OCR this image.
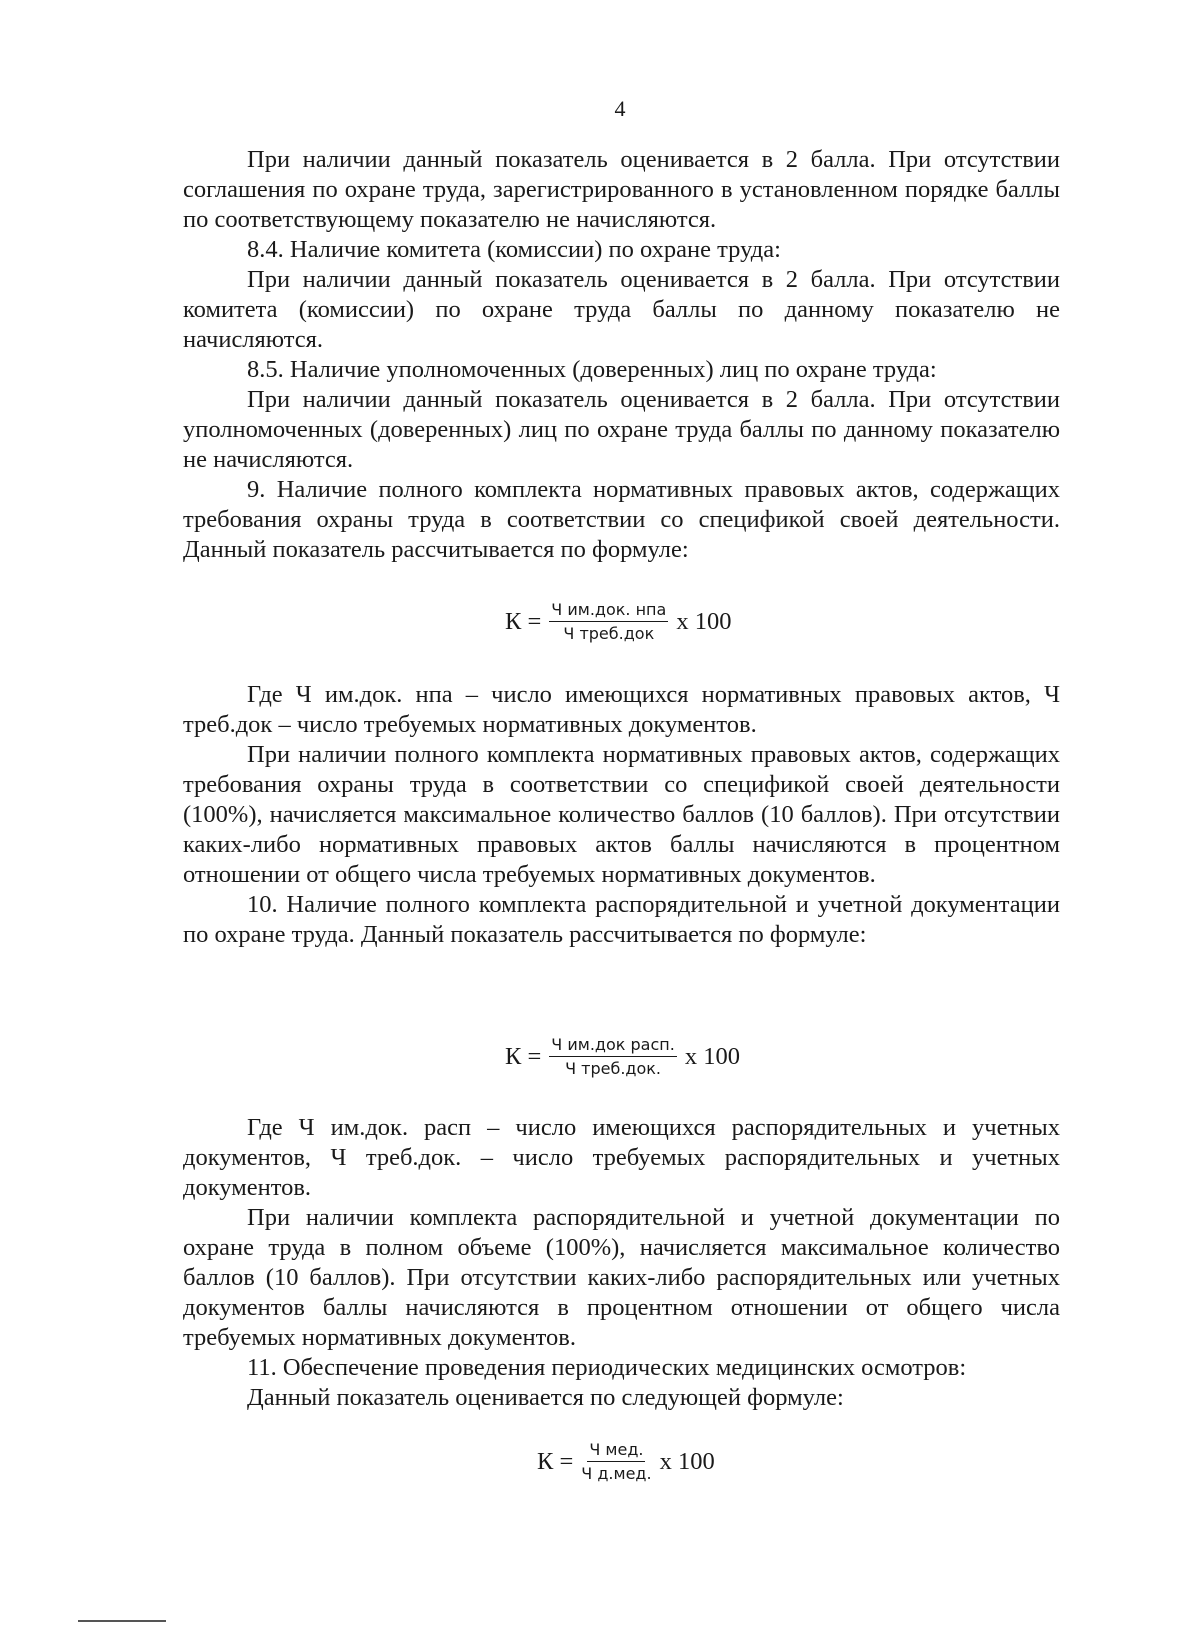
4

При наличии данный показатель оценивается в 2 балла. При отсутствии соглашения по охране труда, зарегистрированного в установленном порядке баллы по соответствующему показателю не начисляются.

8.4. Наличие комитета (комиссии) по охране труда:

При наличии данный показатель оценивается в 2 балла. При отсутствии комитета (комиссии) по охране труда баллы по данному показателю не начисляются.

8.5. Наличие уполномоченных (доверенных) лиц по охране труда:

При наличии данный показатель оценивается в 2 балла. При отсутствии уполномоченных (доверенных) лиц по охране труда баллы по данному показателю не начисляются.

9. Наличие полного комплекта нормативных правовых актов, содержащих требования охраны труда в соответствии со спецификой своей деятельности. Данный показатель рассчитывается по формуле:

$К = \frac{\text{Ч им.док. нпа}}{\text{Ч треб.док}}$ х 100

Где Ч им.док. нпа – число имеющихся нормативных правовых актов, Ч треб.док – число требуемых нормативных документов.

При наличии полного комплекта нормативных правовых актов, содержащих требования охраны труда в соответствии со спецификой своей деятельности (100%), начисляется максимальное количество баллов (10 баллов). При отсутствии каких-либо нормативных правовых актов баллы начисляются в процентном отношении от общего числа требуемых нормативных документов.

10. Наличие полного комплекта распорядительной и учетной документации по охране труда. Данный показатель рассчитывается по формуле:

$К = \frac{\text{Ч им.док расп.}}{\text{Ч треб.док.}}$ х 100

Где Ч им.док. расп – число имеющихся распорядительных и учетных документов, Ч треб.док. – число требуемых распорядительных и учетных документов.

При наличии комплекта распорядительной и учетной документации по охране труда в полном объеме (100%), начисляется максимальное количество баллов (10 баллов). При отсутствии каких-либо распорядительных или учетных документов баллы начисляются в процентном отношении от общего числа требуемых нормативных документов.

11. Обеспечение проведения периодических медицинских осмотров:

Данный показатель оценивается по следующей формуле:

$К = \frac{\text{Ч мед.}}{\text{Ч д.мед.}}$ х 100
